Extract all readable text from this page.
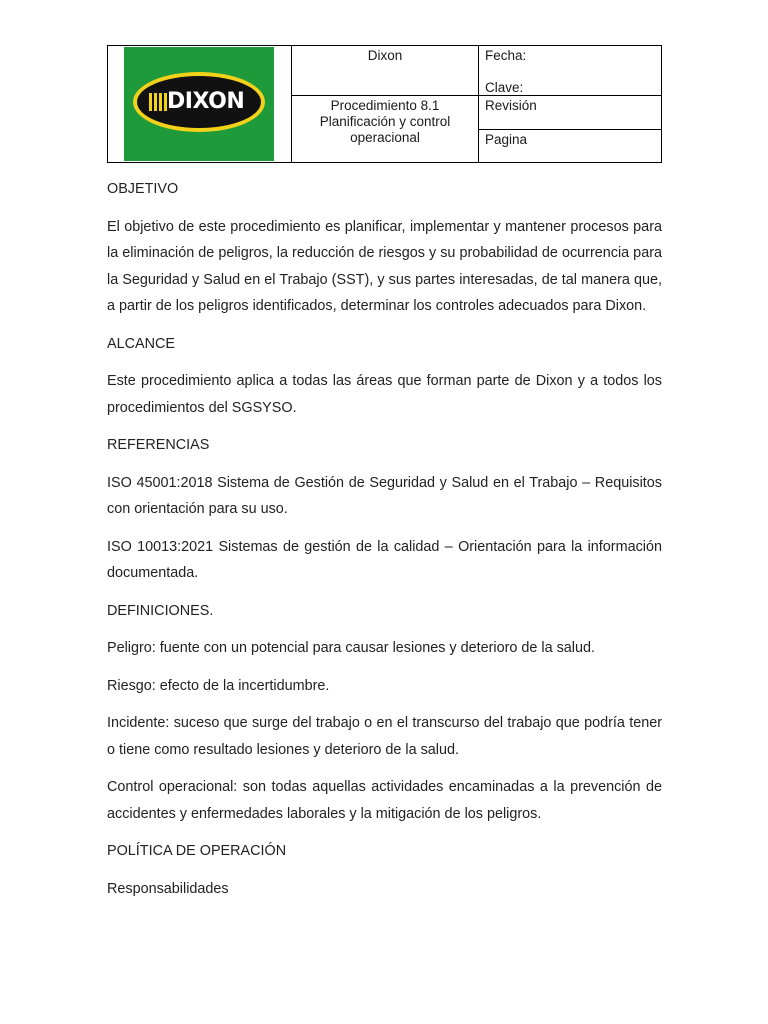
DIXON	Dixon	Fecha:
Clave:

	Procedimiento 8.1 Planificación y control operacional	Revisión

		Pagina

OBJETIVO

El objetivo de este procedimiento es planificar, implementar y mantener procesos para la eliminación de peligros, la reducción de riesgos y su probabilidad de ocurrencia para la Seguridad y Salud en el Trabajo (SST), y sus partes interesadas, de tal manera que, a partir de los peligros identificados, determinar los controles adecuados para Dixon.

ALCANCE

Este procedimiento aplica a todas las áreas que forman parte de Dixon y a todos los procedimientos del SGSYSO.

REFERENCIAS

ISO 45001:2018 Sistema de Gestión de Seguridad y Salud en el Trabajo – Requisitos con orientación para su uso.

ISO 10013:2021 Sistemas de gestión de la calidad – Orientación para la información documentada.

DEFINICIONES.

Peligro: fuente con un potencial para causar lesiones y deterioro de la salud.

Riesgo: efecto de la incertidumbre.

Incidente: suceso que surge del trabajo o en el transcurso del trabajo que podría tener o tiene como resultado lesiones y deterioro de la salud.

Control operacional: son todas aquellas actividades encaminadas a la prevención de accidentes y enfermedades laborales y la mitigación de los peligros.

POLÍTICA DE OPERACIÓN

Responsabilidades
